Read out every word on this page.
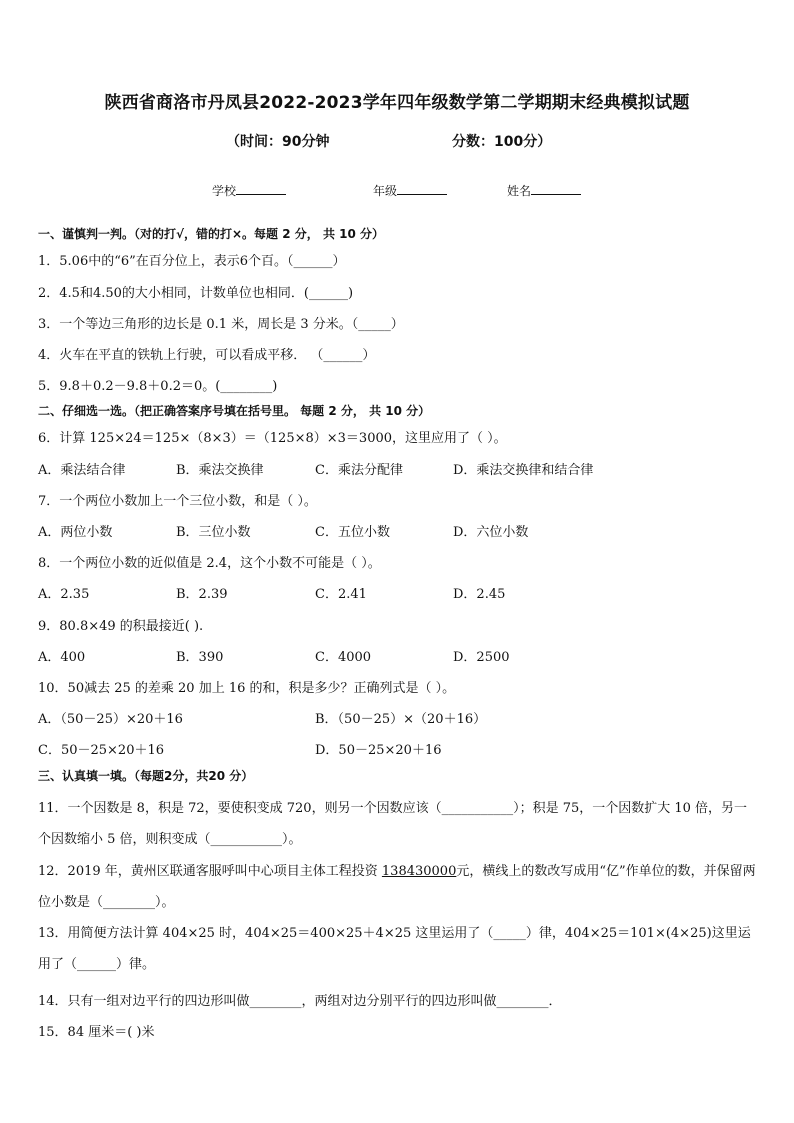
陕西省商洛市丹凤县2022-2023学年四年级数学第二学期期末经典模拟试题
（时间：90分钟	分数：100分）
学校	年级	姓名
一、谨慎判一判。（对的打√，错的打×。每题 2 分， 共 10 分）
1．5.06中的“6”在百分位上，表示6个百。（______）
2．4.5和4.50的大小相同，计数单位也相同．(______)
3．一个等边三角形的边长是 0.1 米，周长是 3 分米。（_____）
4．火车在平直的铁轨上行驶，可以看成平移． （______）
5．9.8＋0.2－9.8＋0.2＝0。(________)
二、仔细选一选。（把正确答案序号填在括号里。 每题 2 分， 共 10 分）
6．计算 125×24＝125×（8×3）＝（125×8）×3＝3000，这里应用了（ ）。
A．乘法结合律	B．乘法交换律	C．乘法分配律	D．乘法交换律和结合律
7．一个两位小数加上一个三位小数，和是（ ）。
A．两位小数	B．三位小数	C．五位小数	D．六位小数
8．一个两位小数的近似值是 2.4，这个小数不可能是（ ）。
A．2.35	B．2.39	C．2.41	D．2.45
9．80.8×49 的积最接近( ).
A．400	B．390	C．4000	D．2500
10．50减去 25 的差乘 20 加上 16 的和，积是多少？正确列式是（ ）。
A．（50－25）×20＋16	B．（50－25）×（20＋16）
C．50－25×20＋16	D．50－25×20＋16
三、认真填一填。（每题2分，共20 分）
11．一个因数是 8，积是 72，要使积变成 720，则另一个因数应该（___________）；积是 75，一个因数扩大 10 倍，另一个因数缩小 5 倍，则积变成（___________）。
12．2019 年，黄州区联通客服呼叫中心项目主体工程投资 138430000元，横线上的数改写成用“亿”作单位的数，并保留两位小数是（________）。
13．用简便方法计算 404×25 时，404×25＝400×25＋4×25 这里运用了（_____）律，404×25＝101×(4×25)这里运用了（______）律。
14．只有一组对边平行的四边形叫做________，两组对边分别平行的四边形叫做________．
15．84 厘米＝( )米
